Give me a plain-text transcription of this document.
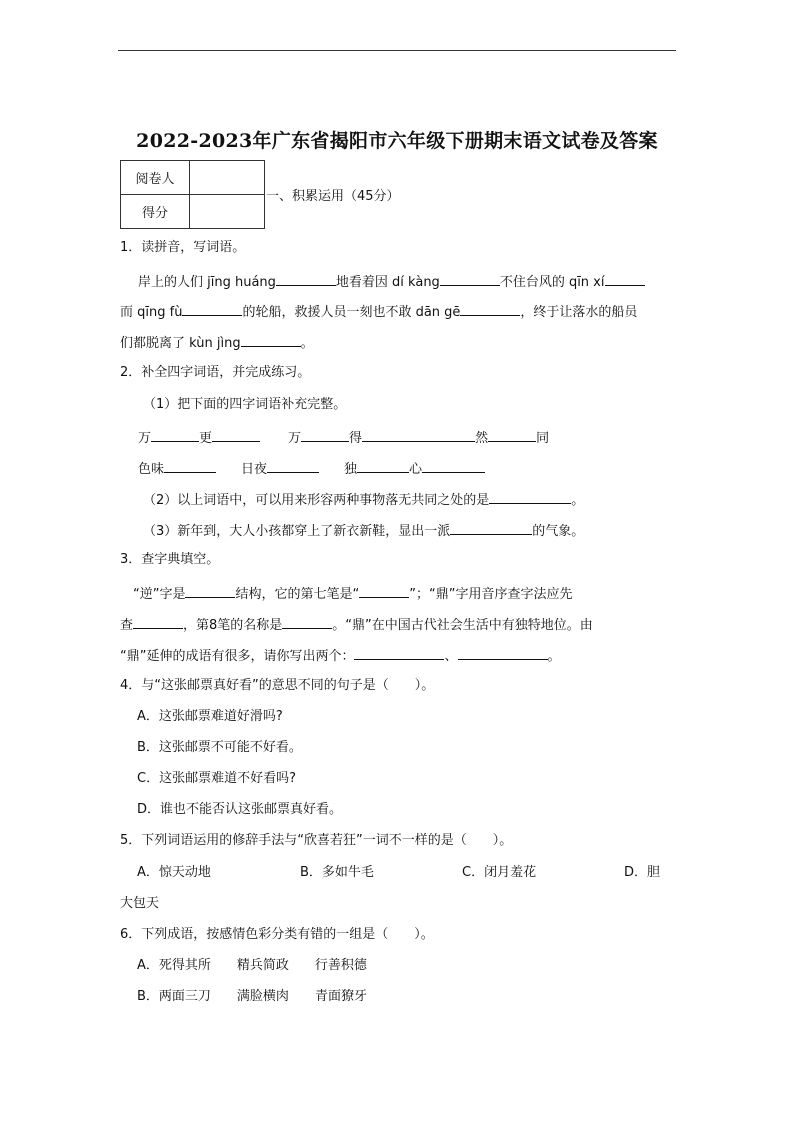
2022-2023年广东省揭阳市六年级下册期末语文试卷及答案
阅卷人	
得分	
一、积累运用（45分）
1．读拼音，写词语。
岸上的人们 jīng huáng	地看着因 dí kàng	不住台风的 qīn xí
而 qīng fù	的轮船，救援人员一刻也不敢 dān gē	，终于让落水的船员
们都脱离了 kùn jìng	。
2．补全四字词语，并完成练习。
（1）把下面的四字词语补充完整。
万	更	万	得	然	同
色味	日夜	独	心
（2）以上词语中，可以用来形容两种事物落无共同之处的是	。
（3）新年到，大人小孩都穿上了新衣新鞋，显出一派	的气象。
3．查字典填空。
“逆”字是	结构，它的第七笔是“	”；“鼎”字用音序查字法应先
查	，第8笔的名称是	。“鼎”在中国古代社会生活中有独特地位。由
“鼎”延伸的成语有很多，请你写出两个：	、	。
4．与“这张邮票真好看”的意思不同的句子是（　　）。
A．这张邮票难道好滑吗?
B．这张邮票不可能不好看。
C．这张邮票难道不好看吗?
D．谁也不能否认这张邮票真好看。
5．下列词语运用的修辞手法与“欣喜若狂”一词不一样的是（　　）。
A．惊天动地	B．多如牛毛	C．闭月羞花	D．胆
大包天
6．下列成语，按感情色彩分类有错的一组是（　　）。
A．死得其所 精兵简政 行善积德
B．两面三刀 满脸横肉 青面獠牙
